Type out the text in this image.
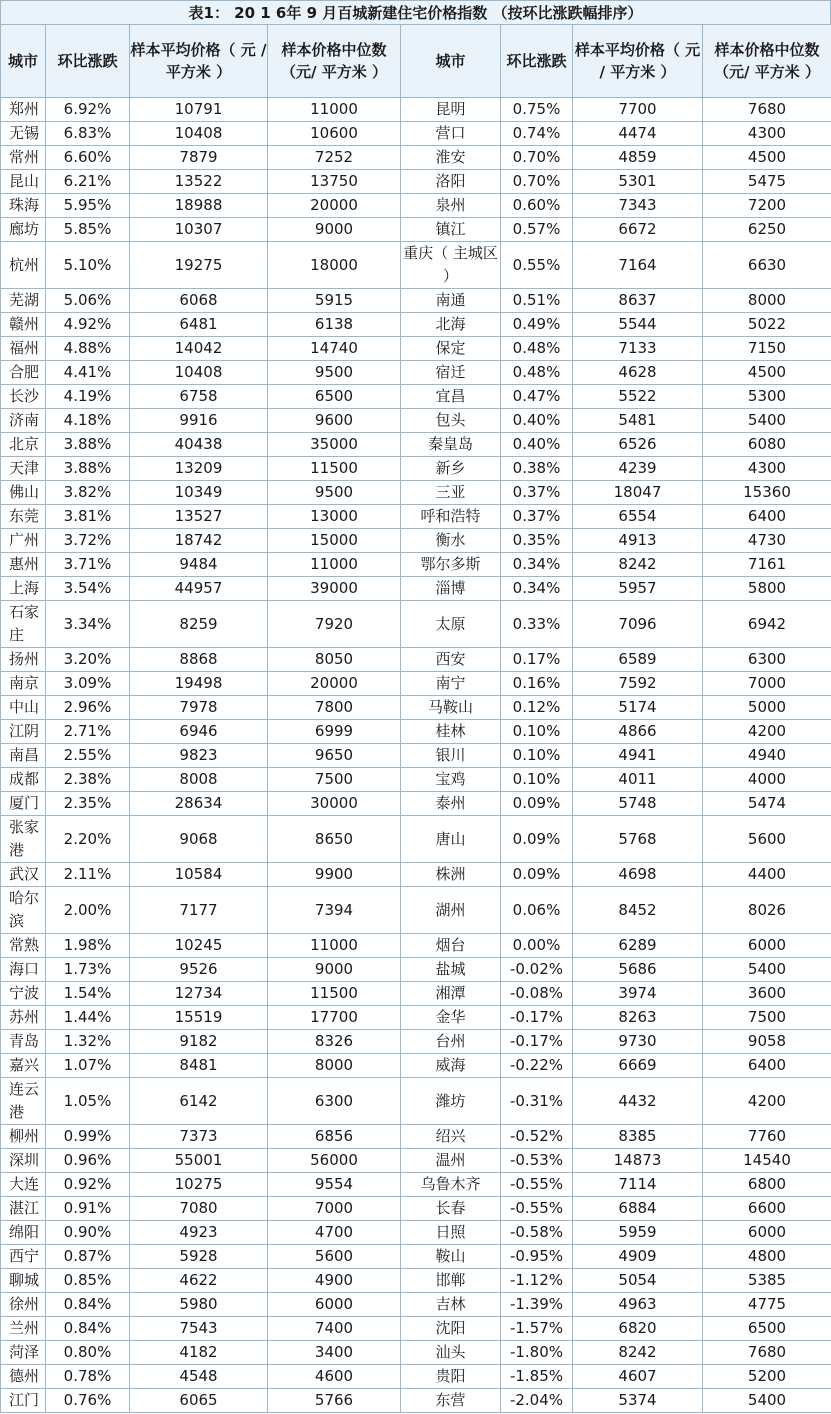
表1： 20 1 6年 9 月百城新建住宅价格指数 （按环比涨跌幅排序）
城市	环比涨跌	样本平均价格（ 元 / 平方米 ）	样本价格中位数（元/ 平方米 ）	城市	环比涨跌	样本平均价格（ 元 / 平方米 ）	样本价格中位数（元/ 平方米 ）
郑州	6.92%	10791	11000	昆明	0.75%	7700	7680
无锡	6.83%	10408	10600	营口	0.74%	4474	4300
常州	6.60%	7879	7252	淮安	0.70%	4859	4500
昆山	6.21%	13522	13750	洛阳	0.70%	5301	5475
珠海	5.95%	18988	20000	泉州	0.60%	7343	7200
廊坊	5.85%	10307	9000	镇江	0.57%	6672	6250
杭州	5.10%	19275	18000	重庆（ 主城区 ）	0.55%	7164	6630
芜湖	5.06%	6068	5915	南通	0.51%	8637	8000
赣州	4.92%	6481	6138	北海	0.49%	5544	5022
福州	4.88%	14042	14740	保定	0.48%	7133	7150
合肥	4.41%	10408	9500	宿迁	0.48%	4628	4500
长沙	4.19%	6758	6500	宜昌	0.47%	5522	5300
济南	4.18%	9916	9600	包头	0.40%	5481	5400
北京	3.88%	40438	35000	秦皇岛	0.40%	6526	6080
天津	3.88%	13209	11500	新乡	0.38%	4239	4300
佛山	3.82%	10349	9500	三亚	0.37%	18047	15360
东莞	3.81%	13527	13000	呼和浩特	0.37%	6554	6400
广州	3.72%	18742	15000	衡水	0.35%	4913	4730
惠州	3.71%	9484	11000	鄂尔多斯	0.34%	8242	7161
上海	3.54%	44957	39000	淄博	0.34%	5957	5800
石家庄	3.34%	8259	7920	太原	0.33%	7096	6942
扬州	3.20%	8868	8050	西安	0.17%	6589	6300
南京	3.09%	19498	20000	南宁	0.16%	7592	7000
中山	2.96%	7978	7800	马鞍山	0.12%	5174	5000
江阴	2.71%	6946	6999	桂林	0.10%	4866	4200
南昌	2.55%	9823	9650	银川	0.10%	4941	4940
成都	2.38%	8008	7500	宝鸡	0.10%	4011	4000
厦门	2.35%	28634	30000	泰州	0.09%	5748	5474
张家港	2.20%	9068	8650	唐山	0.09%	5768	5600
武汉	2.11%	10584	9900	株洲	0.09%	4698	4400
哈尔滨	2.00%	7177	7394	湖州	0.06%	8452	8026
常熟	1.98%	10245	11000	烟台	0.00%	6289	6000
海口	1.73%	9526	9000	盐城	-0.02%	5686	5400
宁波	1.54%	12734	11500	湘潭	-0.08%	3974	3600
苏州	1.44%	15519	17700	金华	-0.17%	8263	7500
青岛	1.32%	9182	8326	台州	-0.17%	9730	9058
嘉兴	1.07%	8481	8000	威海	-0.22%	6669	6400
连云港	1.05%	6142	6300	潍坊	-0.31%	4432	4200
柳州	0.99%	7373	6856	绍兴	-0.52%	8385	7760
深圳	0.96%	55001	56000	温州	-0.53%	14873	14540
大连	0.92%	10275	9554	乌鲁木齐	-0.55%	7114	6800
湛江	0.91%	7080	7000	长春	-0.55%	6884	6600
绵阳	0.90%	4923	4700	日照	-0.58%	5959	6000
西宁	0.87%	5928	5600	鞍山	-0.95%	4909	4800
聊城	0.85%	4622	4900	邯郸	-1.12%	5054	5385
徐州	0.84%	5980	6000	吉林	-1.39%	4963	4775
兰州	0.84%	7543	7400	沈阳	-1.57%	6820	6500
菏泽	0.80%	4182	3400	汕头	-1.80%	8242	7680
德州	0.78%	4548	4600	贵阳	-1.85%	4607	5200
江门	0.76%	6065	5766	东营	-2.04%	5374	5400
